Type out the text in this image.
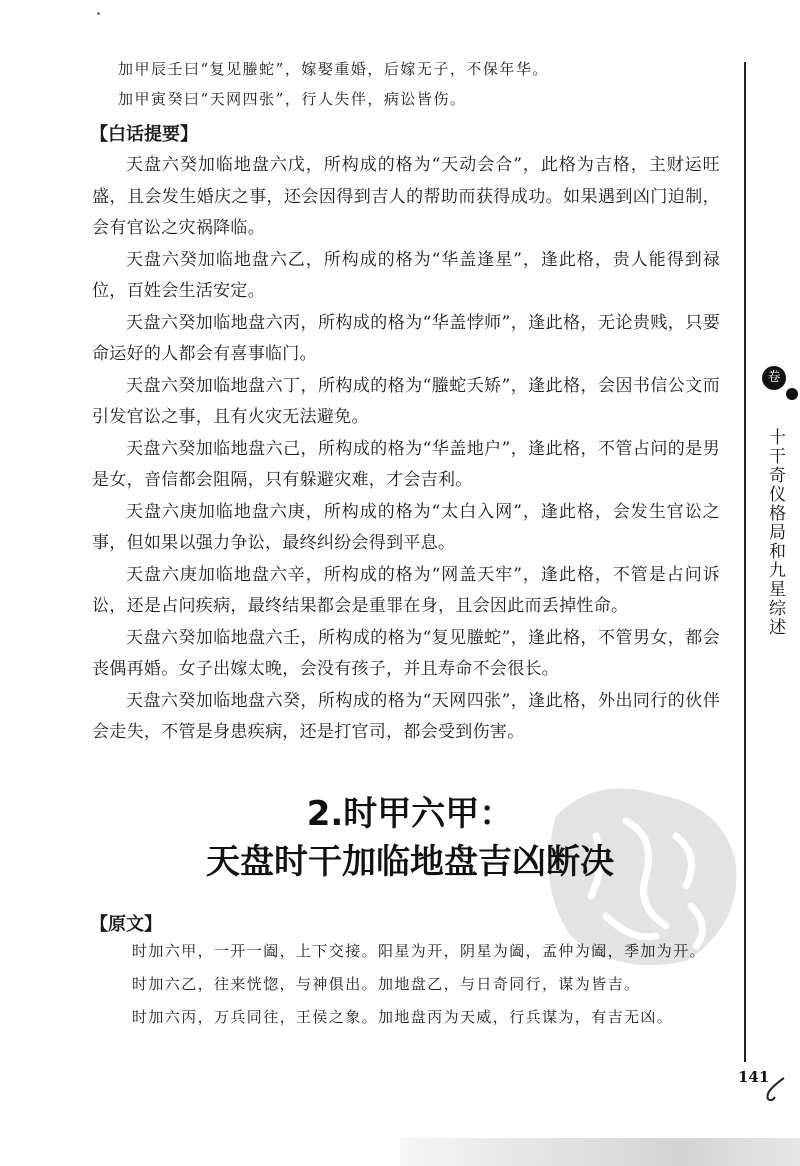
加甲辰壬曰“复见螣蛇”，嫁娶重婚，后嫁无子，不保年华。
加甲寅癸曰“天网四张”，行人失伴，病讼皆伤。
【白话提要】

天盘六癸加临地盘六戊，所构成的格为“天动会合”，此格为吉格，主财运旺盛，且会发生婚庆之事，还会因得到吉人的帮助而获得成功。如果遇到凶门迫制，会有官讼之灾祸降临。

天盘六癸加临地盘六乙，所构成的格为“华盖逢星”，逢此格，贵人能得到禄位，百姓会生活安定。

天盘六癸加临地盘六丙，所构成的格为“华盖悖师”，逢此格，无论贵贱，只要命运好的人都会有喜事临门。

天盘六癸加临地盘六丁，所构成的格为“螣蛇夭矫”，逢此格，会因书信公文而引发官讼之事，且有火灾无法避免。

天盘六癸加临地盘六己，所构成的格为“华盖地户”，逢此格，不管占问的是男是女，音信都会阻隔，只有躲避灾难，才会吉利。

天盘六庚加临地盘六庚，所构成的格为“太白入网”，逢此格，会发生官讼之事，但如果以强力争讼，最终纠纷会得到平息。

天盘六庚加临地盘六辛，所构成的格为“网盖天牢”，逢此格，不管是占问诉讼，还是占问疾病，最终结果都会是重罪在身，且会因此而丢掉性命。

天盘六癸加临地盘六壬，所构成的格为“复见螣蛇”，逢此格，不管男女，都会丧偶再婚。女子出嫁太晚，会没有孩子，并且寿命不会很长。

天盘六癸加临地盘六癸，所构成的格为“天网四张”，逢此格，外出同行的伙伴会走失，不管是身患疾病，还是打官司，都会受到伤害。

2.时甲六甲：
天盘时干加临地盘吉凶断决
【原文】

时加六甲，一开一阖，上下交接。阳星为开，阴星为阖，孟仲为阖，季加为开。

时加六乙，往来恍惚，与神俱出。加地盘乙，与日奇同行，谋为皆吉。

时加六丙，万兵同往，王侯之象。加地盘丙为天威，行兵谋为，有吉无凶。

卷
十干奇仪格局和九星综述
141
